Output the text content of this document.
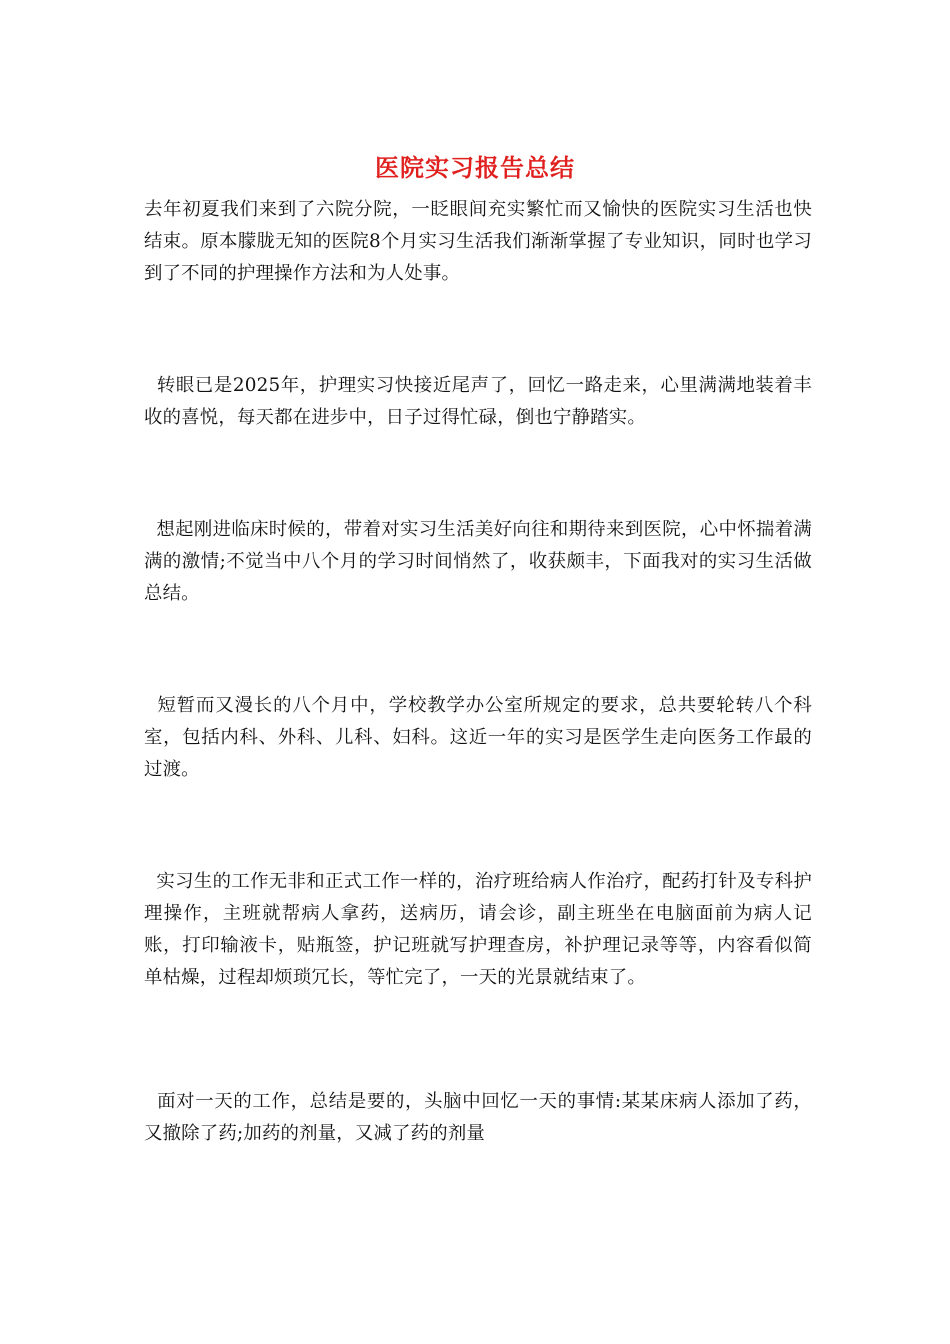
医院实习报告总结

去年初夏我们来到了六院分院，一眨眼间充实繁忙而又愉快的医院实习生活也快结束。原本朦胧无知的医院8个月实习生活我们渐渐掌握了专业知识，同时也学习到了不同的护理操作方法和为人处事。

转眼已是2025年，护理实习快接近尾声了，回忆一路走来，心里满满地装着丰收的喜悦，每天都在进步中，日子过得忙碌，倒也宁静踏实。

想起刚进临床时候的，带着对实习生活美好向往和期待来到医院，心中怀揣着满满的激情;不觉当中八个月的学习时间悄然了，收获颇丰，下面我对的实习生活做总结。

短暂而又漫长的八个月中，学校教学办公室所规定的要求，总共要轮转八个科室，包括内科、外科、儿科、妇科。这近一年的实习是医学生走向医务工作最的过渡。

实习生的工作无非和正式工作一样的，治疗班给病人作治疗，配药打针及专科护理操作，主班就帮病人拿药，送病历，请会诊，副主班坐在电脑面前为病人记账，打印输液卡，贴瓶签，护记班就写护理查房，补护理记录等等，内容看似简单枯燥，过程却烦琐冗长，等忙完了，一天的光景就结束了。

面对一天的工作，总结是要的，头脑中回忆一天的事情:某某床病人添加了药，又撤除了药;加药的剂量，又减了药的剂量
